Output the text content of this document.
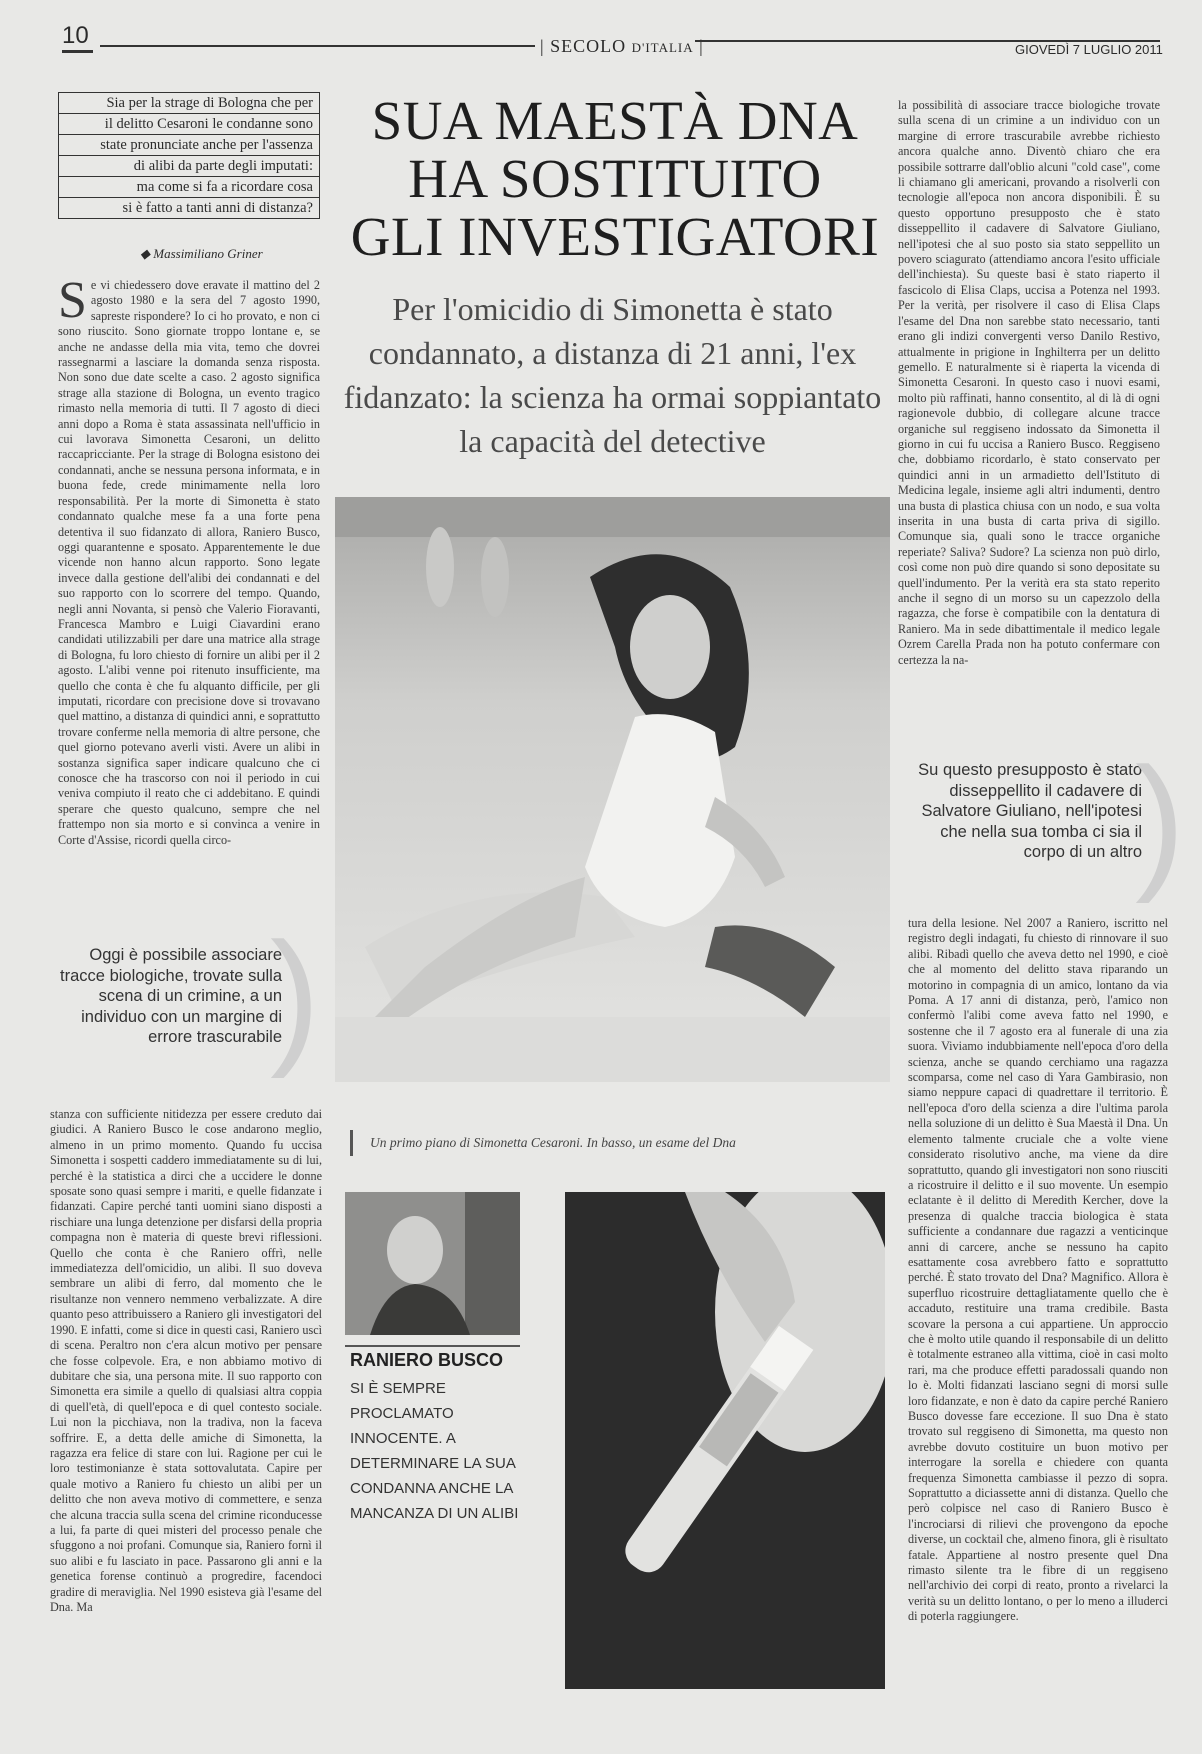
10	| SECOLO D'ITALIA |	GIOVEDÌ 7 LUGLIO 2011
Sia per la strage di Bologna che per
il delitto Cesaroni le condanne sono
state pronunciate anche per l'assenza
di alibi da parte degli imputati:
ma come si fa a ricordare cosa
si è fatto a tanti anni di distanza?
◆ Massimiliano Griner
Se vi chiedessero dove eravate il mattino del 2 agosto 1980 e la sera del 7 agosto 1990, sapreste rispondere? Io ci ho provato, e non ci sono riuscito. Sono giornate troppo lontane e, se anche ne andasse della mia vita, temo che dovrei rassegnarmi a lasciare la domanda senza risposta. Non sono due date scelte a caso. 2 agosto significa strage alla stazione di Bologna, un evento tragico rimasto nella memoria di tutti. Il 7 agosto di dieci anni dopo a Roma è stata assassinata nell'ufficio in cui lavorava Simonetta Cesaroni, un delitto raccapricciante. Per la strage di Bologna esistono dei condannati, anche se nessuna persona informata, e in buona fede, crede minimamente nella loro responsabilità. Per la morte di Simonetta è stato condannato qualche mese fa a una forte pena detentiva il suo fidanzato di allora, Raniero Busco, oggi quarantenne e sposato. Apparentemente le due vicende non hanno alcun rapporto. Sono legate invece dalla gestione dell'alibi dei condannati e del suo rapporto con lo scorrere del tempo. Quando, negli anni Novanta, si pensò che Valerio Fioravanti, Francesca Mambro e Luigi Ciavardini erano candidati utilizzabili per dare una matrice alla strage di Bologna, fu loro chiesto di fornire un alibi per il 2 agosto. L'alibi venne poi ritenuto insufficiente, ma quello che conta è che fu alquanto difficile, per gli imputati, ricordare con precisione dove si trovavano quel mattino, a distanza di quindici anni, e soprattutto trovare conferme nella memoria di altre persone, che quel giorno potevano averli visti. Avere un alibi in sostanza significa saper indicare qualcuno che ci conosce che ha trascorso con noi il periodo in cui veniva compiuto il reato che ci addebitano. E quindi sperare che questo qualcuno, sempre che nel frattempo non sia morto e si convinca a venire in Corte d'Assise, ricordi quella circo-
Oggi è possibile associare tracce biologiche, trovate sulla scena di un crimine, a un individuo con un margine di errore trascurabile
)
stanza con sufficiente nitidezza per essere creduto dai giudici. A Raniero Busco le cose andarono meglio, almeno in un primo momento. Quando fu uccisa Simonetta i sospetti caddero immediatamente su di lui, perché è la statistica a dirci che a uccidere le donne sposate sono quasi sempre i mariti, e quelle fidanzate i fidanzati. Capire perché tanti uomini siano disposti a rischiare una lunga detenzione per disfarsi della propria compagna non è materia di queste brevi riflessioni. Quello che conta è che Raniero offrì, nelle immediatezza dell'omicidio, un alibi. Il suo doveva sembrare un alibi di ferro, dal momento che le risultanze non vennero nemmeno verbalizzate. A dire quanto peso attribuissero a Raniero gli investigatori del 1990. E infatti, come si dice in questi casi, Raniero uscì di scena. Peraltro non c'era alcun motivo per pensare che fosse colpevole. Era, e non abbiamo motivo di dubitare che sia, una persona mite. Il suo rapporto con Simonetta era simile a quello di qualsiasi altra coppia di quell'età, di quell'epoca e di quel contesto sociale. Lui non la picchiava, non la tradiva, non la faceva soffrire. E, a detta delle amiche di Simonetta, la ragazza era felice di stare con lui. Ragione per cui le loro testimonianze è stata sottovalutata. Capire per quale motivo a Raniero fu chiesto un alibi per un delitto che non aveva motivo di commettere, e senza che alcuna traccia sulla scena del crimine riconducesse a lui, fa parte di quei misteri del processo penale che sfuggono a noi profani. Comunque sia, Raniero fornì il suo alibi e fu lasciato in pace. Passarono gli anni e la genetica forense continuò a progredire, facendoci gradire di meraviglia. Nel 1990 esisteva già l'esame del Dna. Ma
SUA MAESTÀ DNA
HA SOSTITUITO
GLI INVESTIGATORI
Per l'omicidio di Simonetta è stato condannato, a distanza di 21 anni, l'ex fidanzato: la scienza ha ormai soppiantato la capacità del detective
Un primo piano di Simonetta Cesaroni. In basso, un esame del Dna
RANIERO BUSCO
SI È SEMPRE PROCLAMATO INNOCENTE. A DETERMINARE LA SUA CONDANNA ANCHE LA MANCANZA DI UN ALIBI
la possibilità di associare tracce biologiche trovate sulla scena di un crimine a un individuo con un margine di errore trascurabile avrebbe richiesto ancora qualche anno. Diventò chiaro che era possibile sottrarre dall'oblio alcuni "cold case", come li chiamano gli americani, provando a risolverli con tecnologie all'epoca non ancora disponibili. È su questo opportuno presupposto che è stato disseppellito il cadavere di Salvatore Giuliano, nell'ipotesi che al suo posto sia stato seppellito un povero sciagurato (attendiamo ancora l'esito ufficiale dell'inchiesta). Su queste basi è stato riaperto il fascicolo di Elisa Claps, uccisa a Potenza nel 1993. Per la verità, per risolvere il caso di Elisa Claps l'esame del Dna non sarebbe stato necessario, tanti erano gli indizi convergenti verso Danilo Restivo, attualmente in prigione in Inghilterra per un delitto gemello. E naturalmente si è riaperta la vicenda di Simonetta Cesaroni. In questo caso i nuovi esami, molto più raffinati, hanno consentito, al di là di ogni ragionevole dubbio, di collegare alcune tracce organiche sul reggiseno indossato da Simonetta il giorno in cui fu uccisa a Raniero Busco. Reggiseno che, dobbiamo ricordarlo, è stato conservato per quindici anni in un armadietto dell'Istituto di Medicina legale, insieme agli altri indumenti, dentro una busta di plastica chiusa con un nodo, e sua volta inserita in una busta di carta priva di sigillo. Comunque sia, quali sono le tracce organiche reperiate? Saliva? Sudore? La scienza non può dirlo, così come non può dire quando si sono depositate su quell'indumento. Per la verità era sta stato reperito anche il segno di un morso su un capezzolo della ragazza, che forse è compatibile con la dentatura di Raniero. Ma in sede dibattimentale il medico legale Ozrem Carella Prada non ha potuto confermare con certezza la na-
Su questo presupposto è stato disseppellito il cadavere di Salvatore Giuliano, nell'ipotesi che nella sua tomba ci sia il corpo di un altro
)
tura della lesione. Nel 2007 a Raniero, iscritto nel registro degli indagati, fu chiesto di rinnovare il suo alibi. Ribadì quello che aveva detto nel 1990, e cioè che al momento del delitto stava riparando un motorino in compagnia di un amico, lontano da via Poma. A 17 anni di distanza, però, l'amico non confermò l'alibi come aveva fatto nel 1990, e sostenne che il 7 agosto era al funerale di una zia suora. Viviamo indubbiamente nell'epoca d'oro della scienza, anche se quando cerchiamo una ragazza scomparsa, come nel caso di Yara Gambirasio, non siamo neppure capaci di quadrettare il territorio. È nell'epoca d'oro della scienza a dire l'ultima parola nella soluzione di un delitto è Sua Maestà il Dna. Un elemento talmente cruciale che a volte viene considerato risolutivo anche, ma viene da dire soprattutto, quando gli investigatori non sono riusciti a ricostruire il delitto e il suo movente. Un esempio eclatante è il delitto di Meredith Kercher, dove la presenza di qualche traccia biologica è stata sufficiente a condannare due ragazzi a venticinque anni di carcere, anche se nessuno ha capito esattamente cosa avrebbero fatto e soprattutto perché. È stato trovato del Dna? Magnifico. Allora è superfluo ricostruire dettagliatamente quello che è accaduto, restituire una trama credibile. Basta scovare la persona a cui appartiene. Un approccio che è molto utile quando il responsabile di un delitto è totalmente estraneo alla vittima, cioè in casi molto rari, ma che produce effetti paradossali quando non lo è. Molti fidanzati lasciano segni di morsi sulle loro fidanzate, e non è dato da capire perché Raniero Busco dovesse fare eccezione. Il suo Dna è stato trovato sul reggiseno di Simonetta, ma questo non avrebbe dovuto costituire un buon motivo per interrogare la sorella e chiedere con quanta frequenza Simonetta cambiasse il pezzo di sopra. Soprattutto a diciassette anni di distanza. Quello che però colpisce nel caso di Raniero Busco è l'incrociarsi di rilievi che provengono da epoche diverse, un cocktail che, almeno finora, gli è risultato fatale. Appartiene al nostro presente quel Dna rimasto silente tra le fibre di un reggiseno nell'archivio dei corpi di reato, pronto a rivelarci la verità su un delitto lontano, o per lo meno a illuderci di poterla raggiungere.
